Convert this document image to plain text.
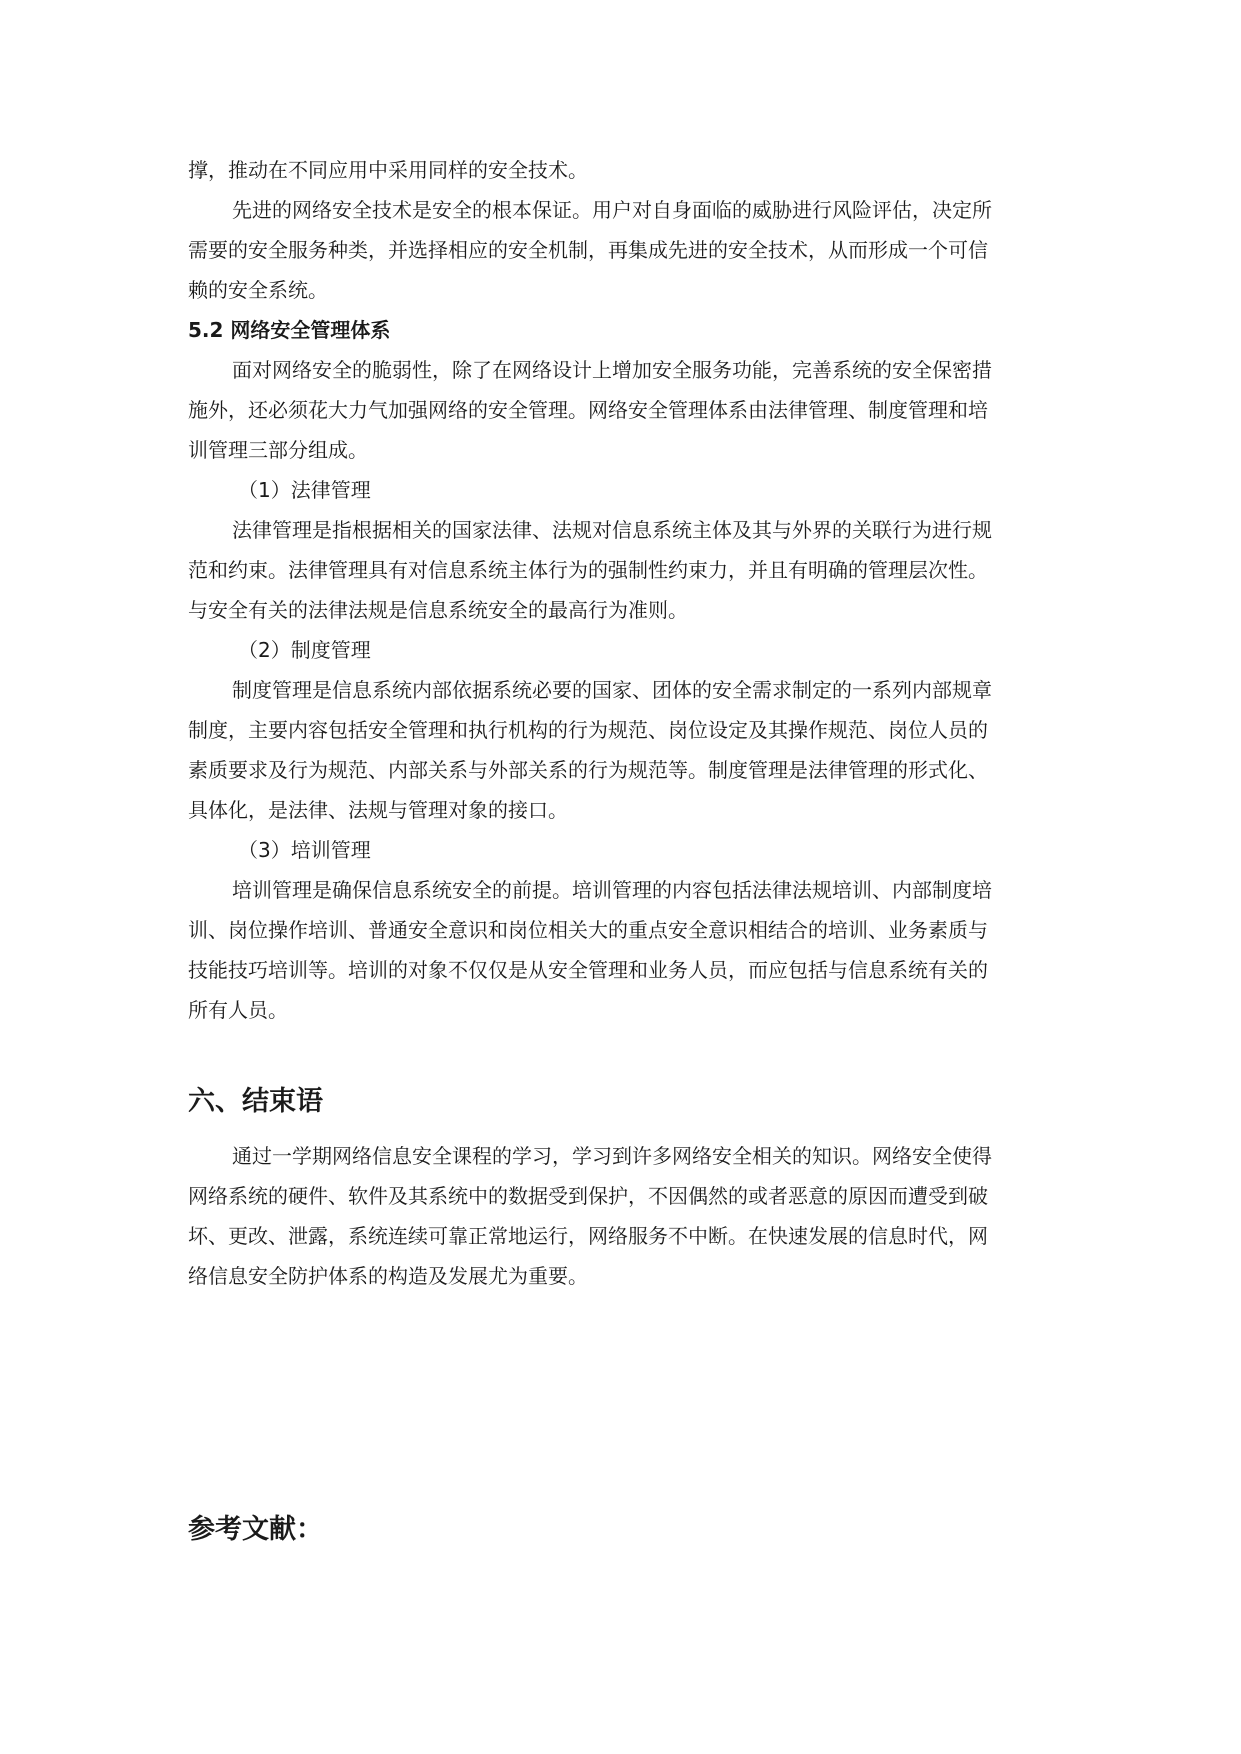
撑，推动在不同应用中采用同样的安全技术。
先进的网络安全技术是安全的根本保证。用户对自身面临的威胁进行风险评估，决定所
需要的安全服务种类，并选择相应的安全机制，再集成先进的安全技术，从而形成一个可信
赖的安全系统。
5.2 网络安全管理体系
面对网络安全的脆弱性，除了在网络设计上增加安全服务功能，完善系统的安全保密措
施外，还必须花大力气加强网络的安全管理。网络安全管理体系由法律管理、制度管理和培
训管理三部分组成。
（1）法律管理
法律管理是指根据相关的国家法律、法规对信息系统主体及其与外界的关联行为进行规
范和约束。法律管理具有对信息系统主体行为的强制性约束力，并且有明确的管理层次性。
与安全有关的法律法规是信息系统安全的最高行为准则。
（2）制度管理
制度管理是信息系统内部依据系统必要的国家、团体的安全需求制定的一系列内部规章
制度，主要内容包括安全管理和执行机构的行为规范、岗位设定及其操作规范、岗位人员的
素质要求及行为规范、内部关系与外部关系的行为规范等。制度管理是法律管理的形式化、
具体化，是法律、法规与管理对象的接口。
（3）培训管理
培训管理是确保信息系统安全的前提。培训管理的内容包括法律法规培训、内部制度培
训、岗位操作培训、普通安全意识和岗位相关大的重点安全意识相结合的培训、业务素质与
技能技巧培训等。培训的对象不仅仅是从安全管理和业务人员，而应包括与信息系统有关的
所有人员。
六、结束语
通过一学期网络信息安全课程的学习，学习到许多网络安全相关的知识。网络安全使得
网络系统的硬件、软件及其系统中的数据受到保护，不因偶然的或者恶意的原因而遭受到破
坏、更改、泄露，系统连续可靠正常地运行，网络服务不中断。在快速发展的信息时代，网
络信息安全防护体系的构造及发展尤为重要。
参考文献：
